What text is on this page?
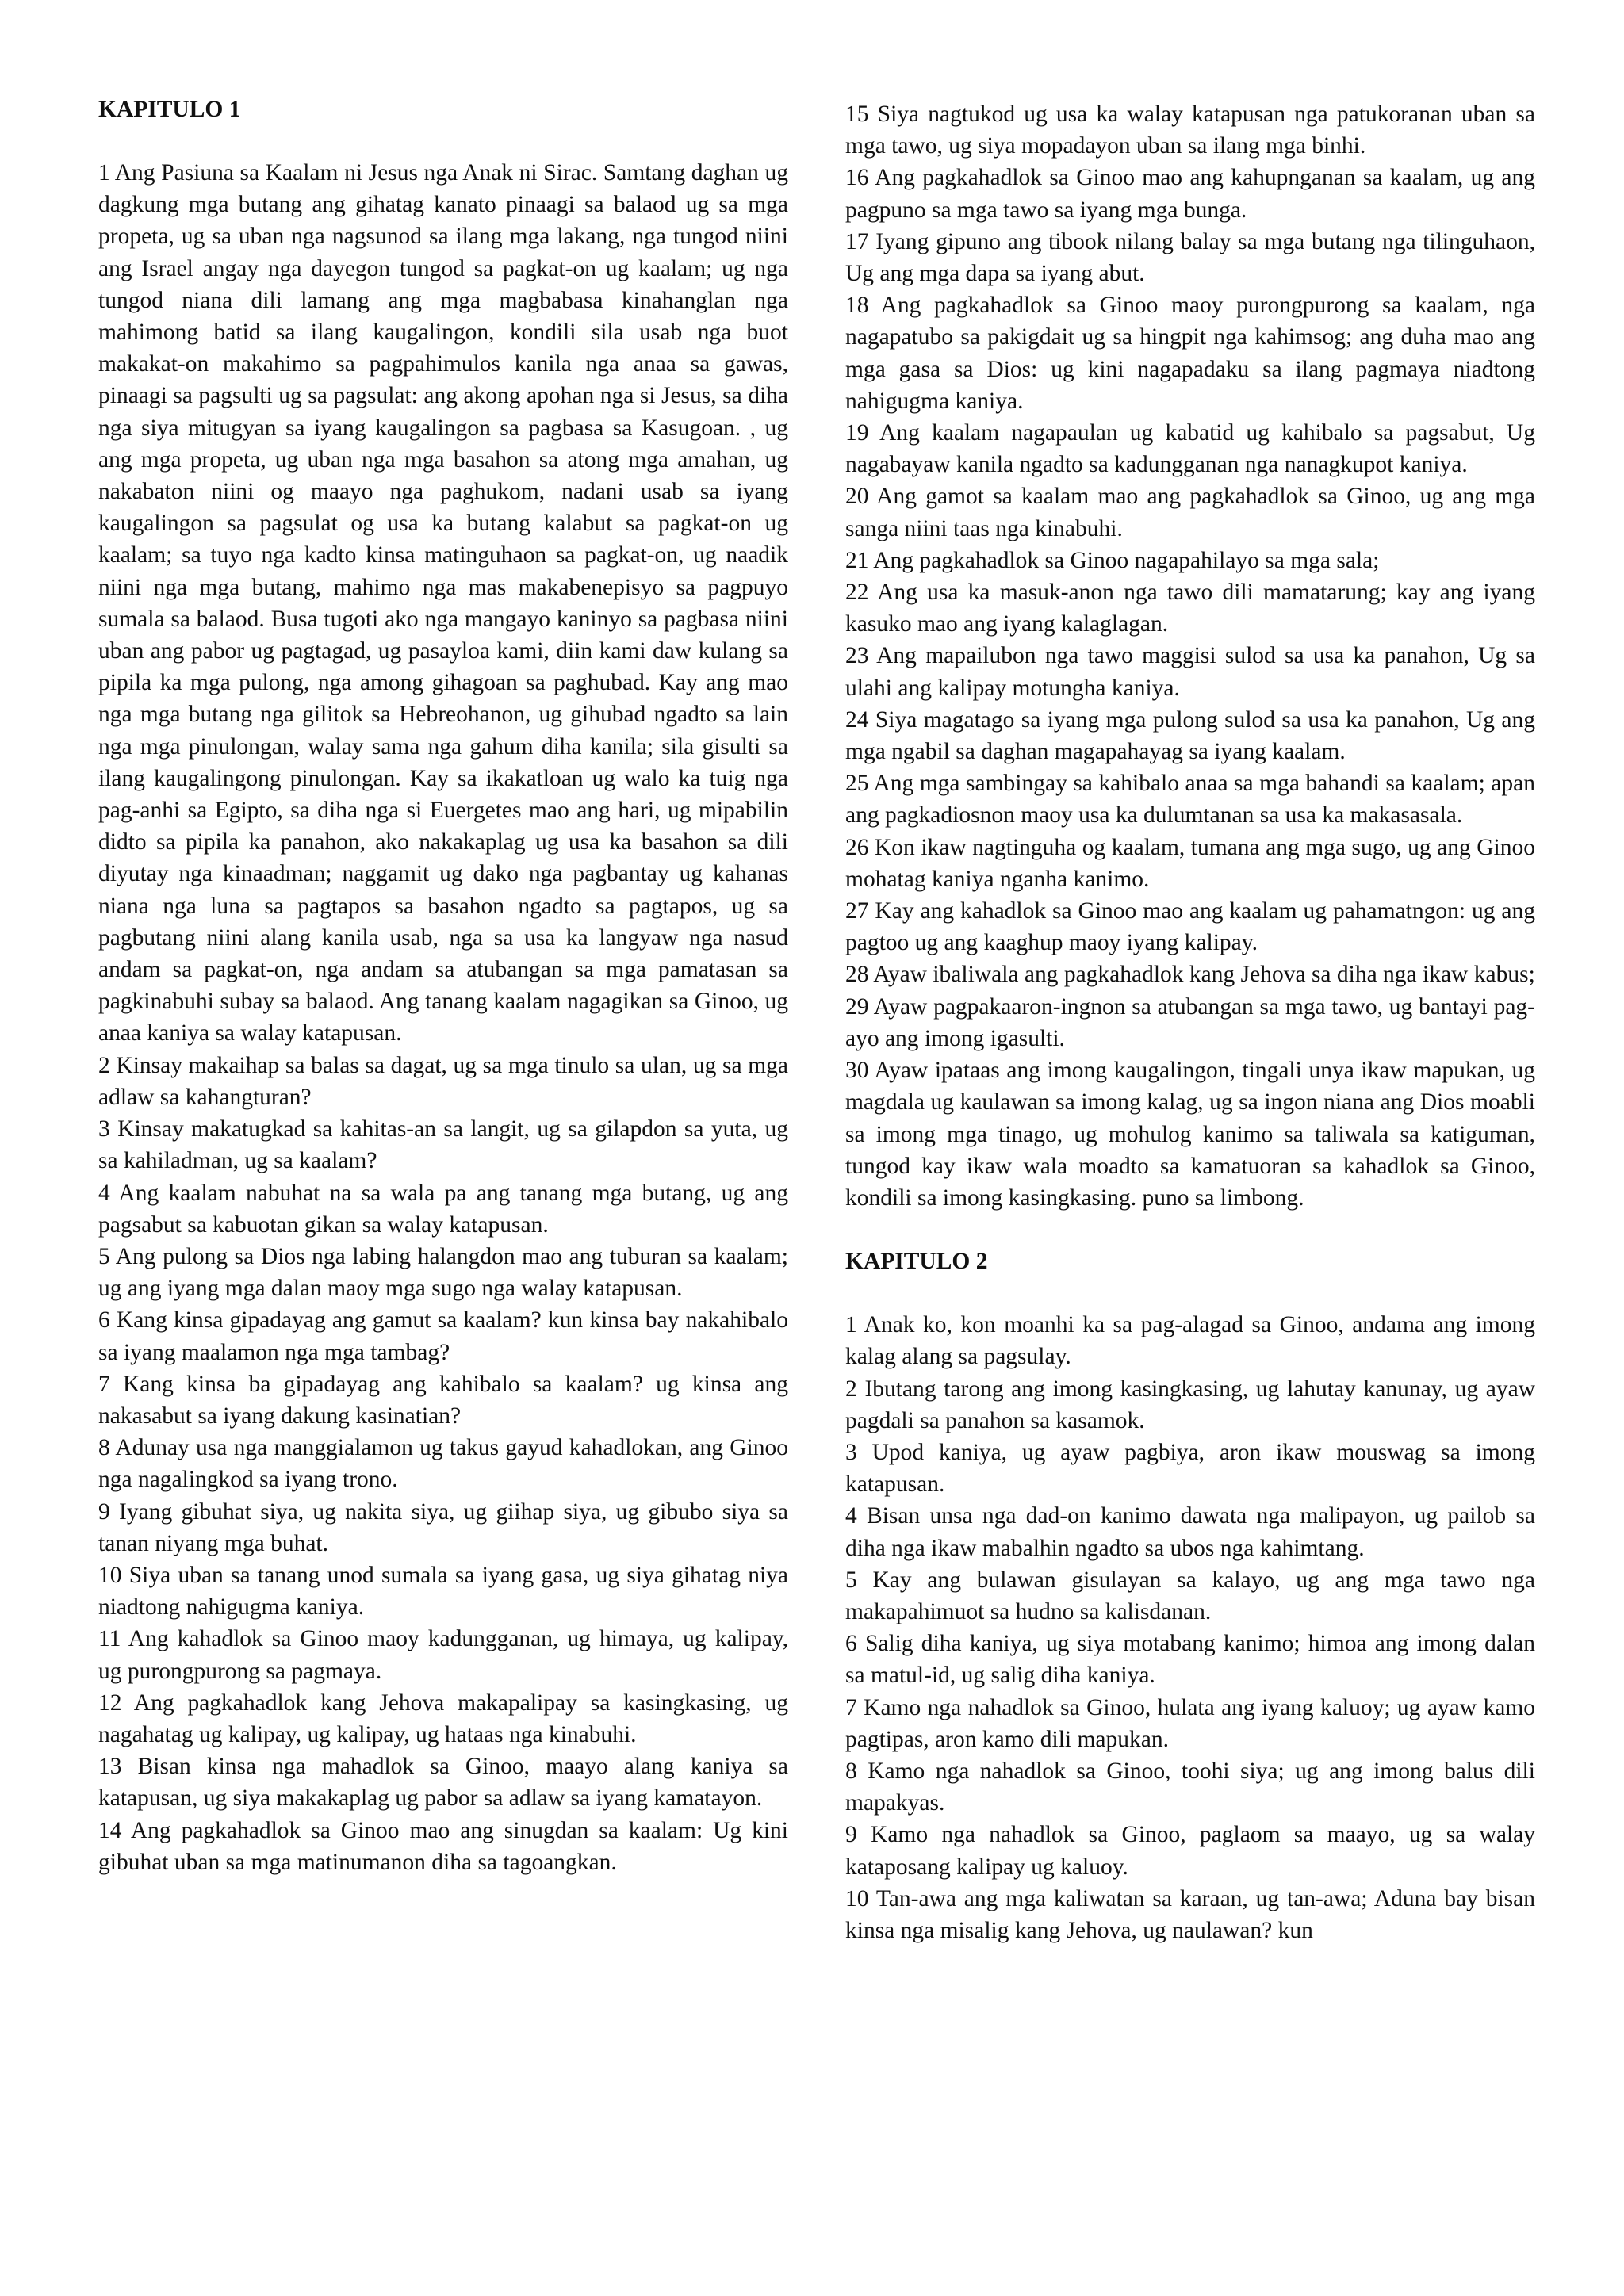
KAPITULO 1

1 Ang Pasiuna sa Kaalam ni Jesus nga Anak ni Sirac. Samtang daghan ug dagkung mga butang ang gihatag kanato pinaagi sa balaod ug sa mga propeta, ug sa uban nga nagsunod sa ilang mga lakang, nga tungod niini ang Israel angay nga dayegon tungod sa pagkat-on ug kaalam; ug nga tungod niana dili lamang ang mga magbabasa kinahanglan nga mahimong batid sa ilang kaugalingon, kondili sila usab nga buot makakat-on makahimo sa pagpahimulos kanila nga anaa sa gawas, pinaagi sa pagsulti ug sa pagsulat: ang akong apohan nga si Jesus, sa diha nga siya mitugyan sa iyang kaugalingon sa pagbasa sa Kasugoan. , ug ang mga propeta, ug uban nga mga basahon sa atong mga amahan, ug nakabaton niini og maayo nga paghukom, nadani usab sa iyang kaugalingon sa pagsulat og usa ka butang kalabut sa pagkat-on ug kaalam; sa tuyo nga kadto kinsa matinguhaon sa pagkat-on, ug naadik niini nga mga butang, mahimo nga mas makabenepisyo sa pagpuyo sumala sa balaod. Busa tugoti ako nga mangayo kaninyo sa pagbasa niini uban ang pabor ug pagtagad, ug pasayloa kami, diin kami daw kulang sa pipila ka mga pulong, nga among gihagoan sa paghubad. Kay ang mao nga mga butang nga gilitok sa Hebreohanon, ug gihubad ngadto sa lain nga mga pinulongan, walay sama nga gahum diha kanila; sila gisulti sa ilang kaugalingong pinulongan. Kay sa ikakatloan ug walo ka tuig nga pag-anhi sa Egipto, sa diha nga si Euergetes mao ang hari, ug mipabilin didto sa pipila ka panahon, ako nakakaplag ug usa ka basahon sa dili diyutay nga kinaadman; naggamit ug dako nga pagbantay ug kahanas niana nga luna sa pagtapos sa basahon ngadto sa pagtapos, ug sa pagbutang niini alang kanila usab, nga sa usa ka langyaw nga nasud andam sa pagkat-on, nga andam sa atubangan sa mga pamatasan sa pagkinabuhi subay sa balaod. Ang tanang kaalam nagagikan sa Ginoo, ug anaa kaniya sa walay katapusan.

2 Kinsay makaihap sa balas sa dagat, ug sa mga tinulo sa ulan, ug sa mga adlaw sa kahangturan?

3 Kinsay makatugkad sa kahitas-an sa langit, ug sa gilapdon sa yuta, ug sa kahiladman, ug sa kaalam?

4 Ang kaalam nabuhat na sa wala pa ang tanang mga butang, ug ang pagsabut sa kabuotan gikan sa walay katapusan.

5 Ang pulong sa Dios nga labing halangdon mao ang tuburan sa kaalam; ug ang iyang mga dalan maoy mga sugo nga walay katapusan.

6 Kang kinsa gipadayag ang gamut sa kaalam? kun kinsa bay nakahibalo sa iyang maalamon nga mga tambag?

7 Kang kinsa ba gipadayag ang kahibalo sa kaalam? ug kinsa ang nakasabut sa iyang dakung kasinatian?

8 Adunay usa nga manggialamon ug takus gayud kahadlokan, ang Ginoo nga nagalingkod sa iyang trono.

9 Iyang gibuhat siya, ug nakita siya, ug giihap siya, ug gibubo siya sa tanan niyang mga buhat.

10 Siya uban sa tanang unod sumala sa iyang gasa, ug siya gihatag niya niadtong nahigugma kaniya.

11 Ang kahadlok sa Ginoo maoy kadungganan, ug himaya, ug kalipay, ug purongpurong sa pagmaya.

12 Ang pagkahadlok kang Jehova makapalipay sa kasingkasing, ug nagahatag ug kalipay, ug kalipay, ug hataas nga kinabuhi.

13 Bisan kinsa nga mahadlok sa Ginoo, maayo alang kaniya sa katapusan, ug siya makakaplag ug pabor sa adlaw sa iyang kamatayon.

14 Ang pagkahadlok sa Ginoo mao ang sinugdan sa kaalam: Ug kini gibuhat uban sa mga matinumanon diha sa tagoangkan.

15 Siya nagtukod ug usa ka walay katapusan nga patukoranan uban sa mga tawo, ug siya mopadayon uban sa ilang mga binhi.

16 Ang pagkahadlok sa Ginoo mao ang kahupnganan sa kaalam, ug ang pagpuno sa mga tawo sa iyang mga bunga.

17 Iyang gipuno ang tibook nilang balay sa mga butang nga tilinguhaon, Ug ang mga dapa sa iyang abut.

18 Ang pagkahadlok sa Ginoo maoy purongpurong sa kaalam, nga nagapatubo sa pakigdait ug sa hingpit nga kahimsog; ang duha mao ang mga gasa sa Dios: ug kini nagapadaku sa ilang pagmaya niadtong nahigugma kaniya.

19 Ang kaalam nagapaulan ug kabatid ug kahibalo sa pagsabut, Ug nagabayaw kanila ngadto sa kadungganan nga nanagkupot kaniya.

20 Ang gamot sa kaalam mao ang pagkahadlok sa Ginoo, ug ang mga sanga niini taas nga kinabuhi.

21 Ang pagkahadlok sa Ginoo nagapahilayo sa mga sala;

22 Ang usa ka masuk-anon nga tawo dili mamatarung; kay ang iyang kasuko mao ang iyang kalaglagan.

23 Ang mapailubon nga tawo maggisi sulod sa usa ka panahon, Ug sa ulahi ang kalipay motungha kaniya.

24 Siya magatago sa iyang mga pulong sulod sa usa ka panahon, Ug ang mga ngabil sa daghan magapahayag sa iyang kaalam.

25 Ang mga sambingay sa kahibalo anaa sa mga bahandi sa kaalam; apan ang pagkadiosnon maoy usa ka dulumtanan sa usa ka makasasala.

26 Kon ikaw nagtinguha og kaalam, tumana ang mga sugo, ug ang Ginoo mohatag kaniya nganha kanimo.

27 Kay ang kahadlok sa Ginoo mao ang kaalam ug pahamatngon: ug ang pagtoo ug ang kaaghup maoy iyang kalipay.

28 Ayaw ibaliwala ang pagkahadlok kang Jehova sa diha nga ikaw kabus;

29 Ayaw pagpakaaron-ingnon sa atubangan sa mga tawo, ug bantayi pag-ayo ang imong igasulti.

30 Ayaw ipataas ang imong kaugalingon, tingali unya ikaw mapukan, ug magdala ug kaulawan sa imong kalag, ug sa ingon niana ang Dios moabli sa imong mga tinago, ug mohulog kanimo sa taliwala sa katiguman, tungod kay ikaw wala moadto sa kamatuoran sa kahadlok sa Ginoo, kondili sa imong kasingkasing. puno sa limbong.

KAPITULO 2

1 Anak ko, kon moanhi ka sa pag-alagad sa Ginoo, andama ang imong kalag alang sa pagsulay.

2 Ibutang tarong ang imong kasingkasing, ug lahutay kanunay, ug ayaw pagdali sa panahon sa kasamok.

3 Upod kaniya, ug ayaw pagbiya, aron ikaw mouswag sa imong katapusan.

4 Bisan unsa nga dad-on kanimo dawata nga malipayon, ug pailob sa diha nga ikaw mabalhin ngadto sa ubos nga kahimtang.

5 Kay ang bulawan gisulayan sa kalayo, ug ang mga tawo nga makapahimuot sa hudno sa kalisdanan.

6 Salig diha kaniya, ug siya motabang kanimo; himoa ang imong dalan sa matul-id, ug salig diha kaniya.

7 Kamo nga nahadlok sa Ginoo, hulata ang iyang kaluoy; ug ayaw kamo pagtipas, aron kamo dili mapukan.

8 Kamo nga nahadlok sa Ginoo, toohi siya; ug ang imong balus dili mapakyas.

9 Kamo nga nahadlok sa Ginoo, paglaom sa maayo, ug sa walay kataposang kalipay ug kaluoy.

10 Tan-awa ang mga kaliwatan sa karaan, ug tan-awa; Aduna bay bisan kinsa nga misalig kang Jehova, ug naulawan? kun
